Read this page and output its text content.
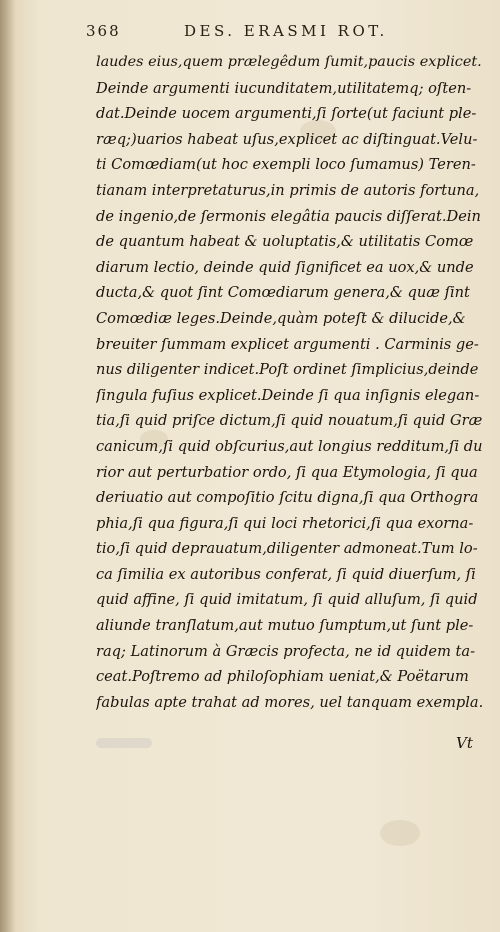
368	DES. ERASMI ROT.
laudes eius,quem prælegêdum ſumit,paucis explicet.
Deinde argumenti iucunditatem,utilitatemq; oſten-
dat.Deinde uocem argumenti,ſi ſorte(ut faciunt ple-
ræq;)uarios habeat uſus,explicet ac diſtinguat.Velu-
ti Comœdiam(ut hoc exempli loco ſumamus) Teren-
tianam interpretaturus,in primis de autoris fortuna,
de ingenio,de ſermonis elegâtia paucis diſſerat.Dein
de quantum habeat & uoluptatis,& utilitatis Comœ
diarum lectio, deinde quid ſignificet ea uox,& unde
ducta,& quot ſint Comœdiarum genera,& quæ ſint
Comœdiæ leges.Deinde,quàm poteſt & dilucide,&
breuiter ſummam explicet argumenti . Carminis ge-
nus diligenter indicet.Poſt ordinet ſimplicius,deinde
ſingula fuſius explicet.Deinde ſi qua inſignis elegan-
tia,ſi quid priſce dictum,ſi quid nouatum,ſi quid Græ
canicum,ſi quid obſcurius,aut longius redditum,ſi du
rior aut perturbatior ordo, ſi qua Etymologia, ſi qua
deriuatio aut compoſitio ſcitu digna,ſi qua Orthogra
phia,ſi qua figura,ſi qui loci rhetorici,ſi qua exorna-
tio,ſi quid deprauatum,diligenter admoneat.Tum lo-
ca ſimilia ex autoribus conferat, ſi quid diuerſum, ſi
quid affine, ſi quid imitatum, ſi quid alluſum, ſi quid
aliunde tranſlatum,aut mutuo ſumptum,ut ſunt ple-
raq; Latinorum à Græcis profecta, ne id quidem ta-
ceat.Poſtremo ad philoſophiam ueniat,& Poëtarum
fabulas apte trahat ad mores, uel tanquam exempla.
Vt
